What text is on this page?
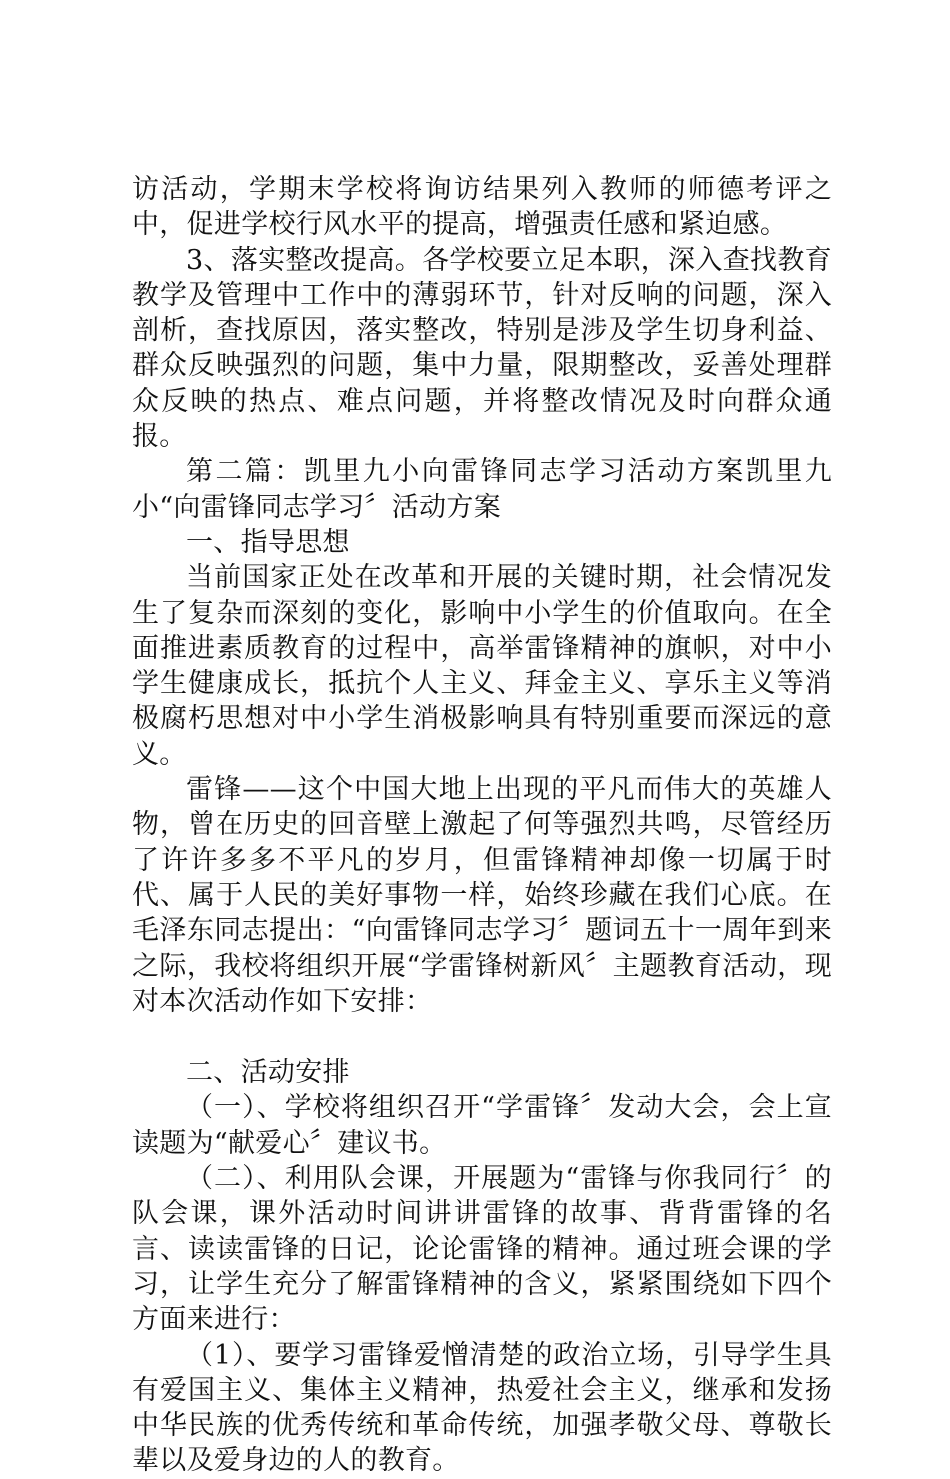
访活动，学期末学校将询访结果列入教师的师德考评之中，促进学校行风水平的提高，增强责任感和紧迫感。

3、落实整改提高。各学校要立足本职，深入查找教育教学及管理中工作中的薄弱环节，针对反响的问题，深入剖析，查找原因，落实整改，特别是涉及学生切身利益、群众反映强烈的问题，集中力量，限期整改，妥善处理群众反映的热点、难点问题，并将整改情况及时向群众通报。

第二篇：凯里九小向雷锋同志学习活动方案凯里九小“向雷锋同志学习〞活动方案

一、指导思想

当前国家正处在改革和开展的关键时期，社会情况发生了复杂而深刻的变化，影响中小学生的价值取向。在全面推进素质教育的过程中，高举雷锋精神的旗帜，对中小学生健康成长，抵抗个人主义、拜金主义、享乐主义等消极腐朽思想对中小学生消极影响具有特别重要而深远的意义。

雷锋——这个中国大地上出现的平凡而伟大的英雄人物，曾在历史的回音壁上激起了何等强烈共鸣，尽管经历了许许多多不平凡的岁月，但雷锋精神却像一切属于时代、属于人民的美好事物一样，始终珍藏在我们心底。在毛泽东同志提出：“向雷锋同志学习〞题词五十一周年到来之际，我校将组织开展“学雷锋树新风〞主题教育活动，现对本次活动作如下安排：

二、活动安排

（一）、学校将组织召开“学雷锋〞发动大会，会上宣读题为“献爱心〞建议书。

（二）、利用队会课，开展题为“雷锋与你我同行〞的队会课，课外活动时间讲讲雷锋的故事、背背雷锋的名言、读读雷锋的日记，论论雷锋的精神。通过班会课的学习，让学生充分了解雷锋精神的含义，紧紧围绕如下四个方面来进行：

（1）、要学习雷锋爱憎清楚的政治立场，引导学生具有爱国主义、集体主义精神，热爱社会主义，继承和发扬中华民族的优秀传统和革命传统，加强孝敬父母、尊敬长辈以及爱身边的人的教育。
